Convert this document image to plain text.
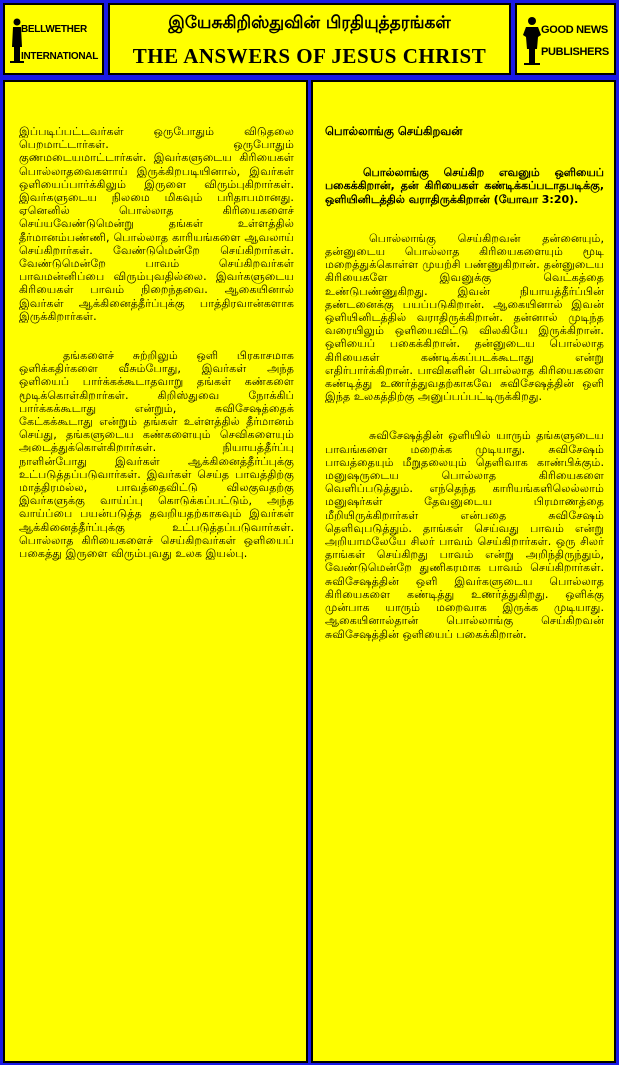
BELLWETHER
INTERNATIONAL
இயேசுகிறிஸ்துவின் பிரதியுத்தரங்கள்
THE ANSWERS OF JESUS CHRIST
GOOD NEWS
PUBLISHERS

இப்படிப்பட்டவர்கள் ஒருபோதும் விடுதலை பெறமாட்டார்கள். ஒருபோதும் குணமடையமாட்டார்கள். இவர்களுடைய கிரியைகள் பொல்லாதவைகளாய் இருக்கிறபடியினால், இவர்கள் ஒளியைப்பார்க்கிலும் இருளை விரும்புகிறார்கள். இவர்களுடைய நிலமை மிகவும் பரிதாபமானது. ஏனெனில் பொல்லாத கிரியைகளைச் செய்யவேண்டுமென்று தங்கள் உள்ளத்தில் தீர்மானம்பண்ணி, பொல்லாத காரியங்களை ஆவலாய் செய்கிறார்கள். வேண்டுமென்றே செய்கிறார்கள். வேண்டுமென்றே பாவம் செய்கிறவர்கள் பாவமன்னிப்பை விரும்புவதில்லை. இவர்களுடைய கிரியைகள் பாவம் நிறைந்தவை. ஆகையினால் இவர்கள் ஆக்கினைத்தீர்ப்புக்கு பாத்திரவான்களாக இருக்கிறார்கள்.

தங்களைச் சுற்றிலும் ஒளி பிரகாசமாக ஒளிக்கதிர்களை வீசும்போது, இவர்கள் அந்த ஒளியைப் பார்க்கக்கூடாதவாறு தங்கள் கண்களை மூடிக்கொள்கிறார்கள். கிறிஸ்துவை நோக்கிப் பார்க்கக்கூடாது என்றும், சுவிசேஷத்தைக் கேட்கக்கூடாது என்றும் தங்கள் உள்ளத்தில் தீர்மானம் செய்து, தங்களுடைய கண்களையும் செவிகளையும் அடைத்துக்கொள்கிறார்கள். நியாயத்தீர்ப்பு நாளின்போது இவர்கள் ஆக்கினைத்தீர்ப்புக்கு உட்படுத்தப்படுவார்கள். இவர்கள் செய்த பாவத்திற்கு மாத்திரமல்ல, பாவத்தைவிட்டு விலகுவதற்கு இவர்களுக்கு வாய்ப்பு கொடுக்கப்பட்டும், அந்த வாய்ப்பை பயன்படுத்த தவறியதற்காகவும் இவர்கள் ஆக்கினைத்தீர்ப்புக்கு உட்படுத்தப்படுவார்கள். பொல்லாத கிரியைகளைச் செய்கிறவர்கள் ஒளியைப் பகைத்து இருளை விரும்புவது உலக இயல்பு.

பொல்லாங்கு செய்கிறவன்

பொல்லாங்கு செய்கிற எவனும் ஒளியைப் பகைக்கிறான், தன் கிரியைகள் கண்டிக்கப்படாதபடிக்கு, ஒளியினிடத்தில் வராதிருக்கிறான் (யோவா 3:20).

பொல்லாங்கு செய்கிறவன் தன்னையும், தன்னுடைய பொல்லாத கிரியைகளையும் மூடி மறைத்துக்கொள்ள முயற்சி பண்ணுகிறான். தன்னுடைய கிரியைகளே இவனுக்கு வெட்கத்தை உண்டுபண்ணுகிறது. இவன் நியாயத்தீர்ப்பின் தண்டனைக்கு பயப்படுகிறான். ஆகையினால் இவன் ஒளியினிடத்தில் வராதிருக்கிறான். தன்னால் முடிந்த வரையிலும் ஒளியைவிட்டு விலகியே இருக்கிறான். ஒளியைப் பகைக்கிறான். தன்னுடைய பொல்லாத கிரியைகள் கண்டிக்கப்படக்கூடாது என்று எதிர்பார்க்கிறான். பாவிகளின் பொல்லாத கிரியைகளை கண்டித்து உணர்த்துவதற்காகவே சுவிசேஷத்தின் ஒளி இந்த உலகத்திற்கு அனுப்பப்பட்டிருக்கிறது.

சுவிசேஷத்தின் ஒளியில் யாரும் தங்களுடைய பாவங்களை மறைக்க முடியாது. சுவிசேஷம் பாவத்தையும் மீறுதலையும் தெளிவாக காண்பிக்கும். மனுஷருடைய பொல்லாத கிரியைகளை வெளிப்படுத்தும். எந்தெந்த காரியங்களிலெல்லாம் மனுஷர்கள் தேவனுடைய பிரமாணத்தை மீறியிருக்கிறார்கள் என்பதை சுவிசேஷம் தெளிவுபடுத்தும். தாங்கள் செய்வது பாவம் என்று அறியாமலேயே சிலர் பாவம் செய்கிறார்கள். ஒரு சிலர் தாங்கள் செய்கிறது பாவம் என்று அறிந்திருந்தும், வேண்டுமென்றே துணிகரமாக பாவம் செய்கிறார்கள். சுவிசேஷத்தின் ஒளி இவர்களுடைய பொல்லாத கிரியைகளை கண்டித்து உணர்த்துகிறது. ஒளிக்கு முன்பாக யாரும் மறைவாக இருக்க முடியாது. ஆகையினால்தான் பொல்லாங்கு செய்கிறவன் சுவிசேஷத்தின் ஒளியைப் பகைக்கிறான்.
